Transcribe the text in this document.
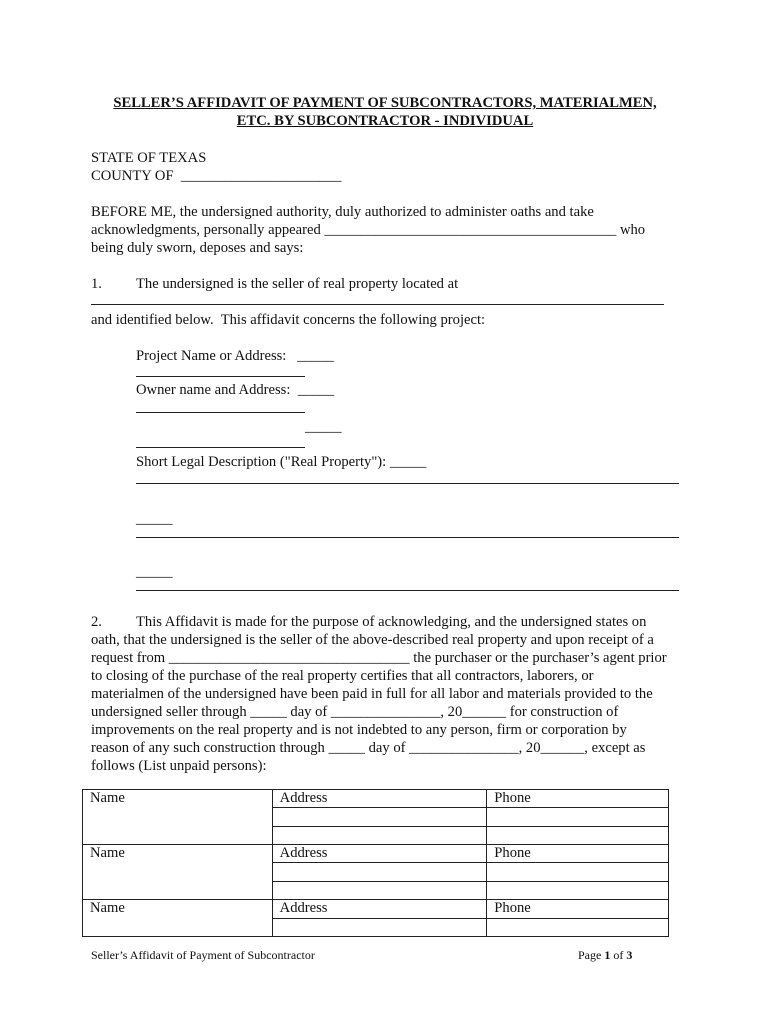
SELLER’S AFFIDAVIT OF PAYMENT OF SUBCONTRACTORS, MATERIALMEN,
ETC. BY SUBCONTRACTOR - INDIVIDUAL
STATE OF TEXAS
COUNTY OF  ______________________
BEFORE ME, the undersigned authority, duly authorized to administer oaths and take
acknowledgments, personally appeared ________________________________________ who
being duly sworn, deposes and says:
1. The undersigned is the seller of real property located at
and identified below.  This affidavit concerns the following project:
Project Name or Address:   _____
Owner name and Address:  _____
_____
Short Legal Description ("Real Property"): _____
_____
_____
2. This Affidavit is made for the purpose of acknowledging, and the undersigned states on
oath, that the undersigned is the seller of the above-described real property and upon receipt of a
request from _________________________________ the purchaser or the purchaser’s agent prior
to closing of the purchase of the real property certifies that all contractors, laborers, or
materialmen of the undersigned have been paid in full for all labor and materials provided to the
undersigned seller through _____ day of _______________, 20______ for construction of
improvements on the real property and is not indebted to any person, firm or corporation by
reason of any such construction through _____ day of _______________, 20______, except as
follows (List unpaid persons):
Name	Address	Phone

Name	Address	Phone

Name	Address	Phone

Seller’s Affidavit of Payment of Subcontractor	Page 1 of 3
